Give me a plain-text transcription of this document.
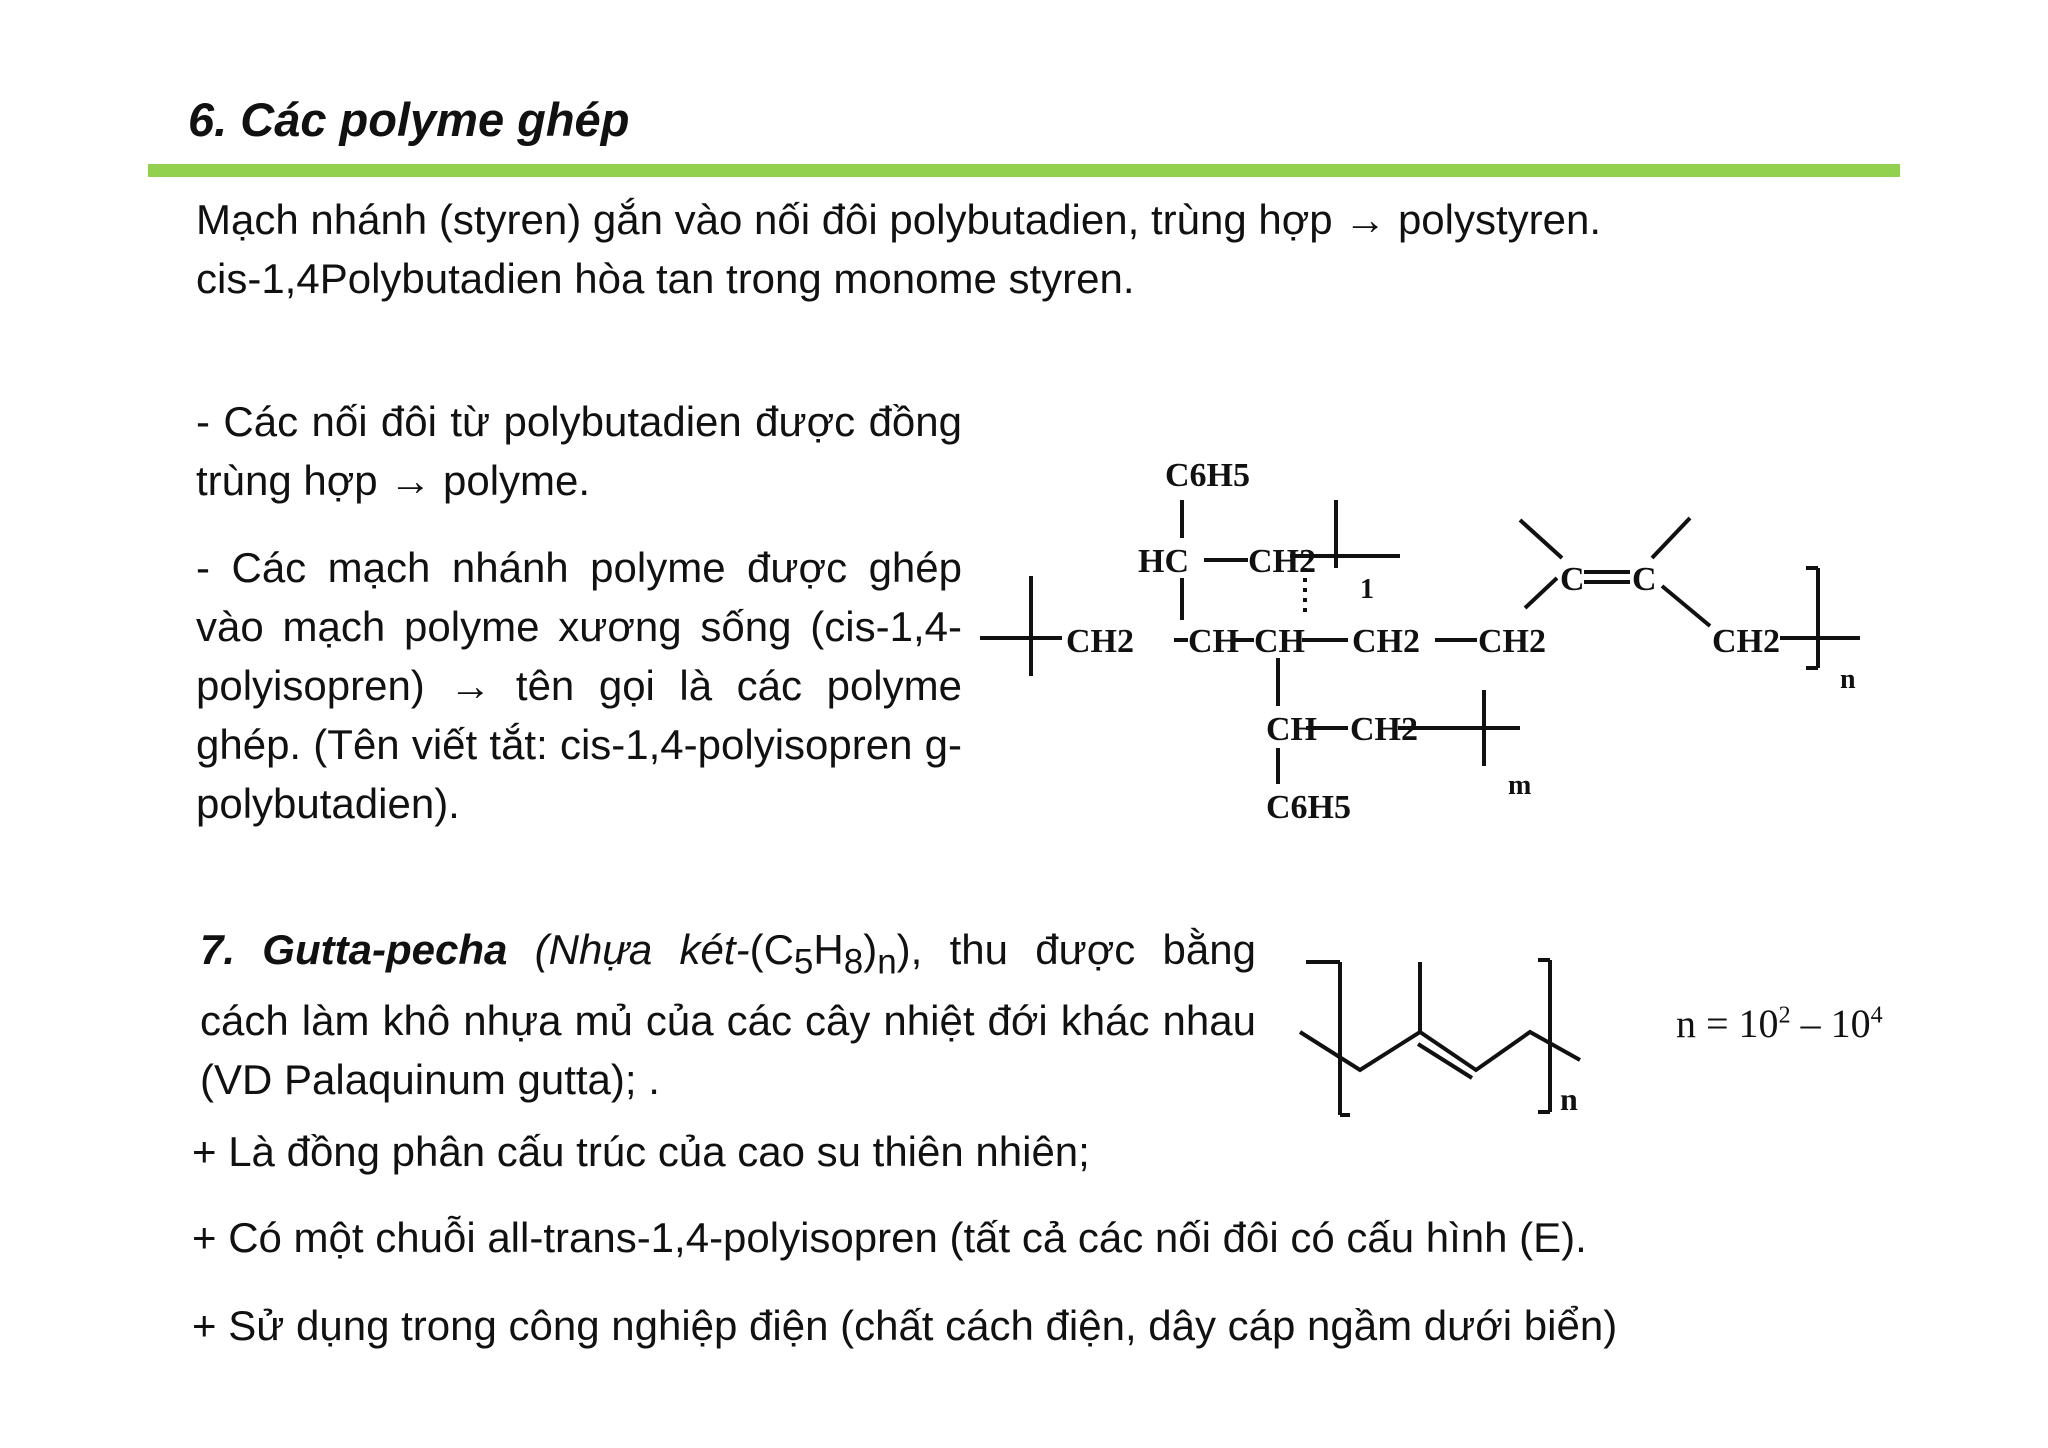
6. Các polyme ghép
Mạch nhánh (styren) gắn vào nối đôi polybutadien, trùng hợp → polystyren.
cis-1,4Polybutadien hòa tan trong monome styren.

- Các nối đôi từ polybutadien được đồng trùng hợp → polyme.

- Các mạch nhánh polyme được ghép vào mạch polyme xương sống (cis-1,4-polyisopren) → tên gọi là các polyme ghép. (Tên viết tắt: cis-1,4-polyisopren g-polybutadien).

C6H5
HC CH2
1
CH2 CH CH CH2 CH2
C C
CH2
n
CH CH2
m
C6H5

7. Gutta-pecha (Nhựa két-$(C_5H_8)_n$), thu được bằng cách làm khô nhựa mủ của các cây nhiệt đới khác nhau (VD Palaquinum gutta); .	n
$n = 10^2 - 10^4$

+ Là đồng phân cấu trúc của cao su thiên nhiên;

+ Có một chuỗi all-trans-1,4-polyisopren (tất cả các nối đôi có cấu hình (E).

+ Sử dụng trong công nghiệp điện (chất cách điện, dây cáp ngầm dưới biển)
